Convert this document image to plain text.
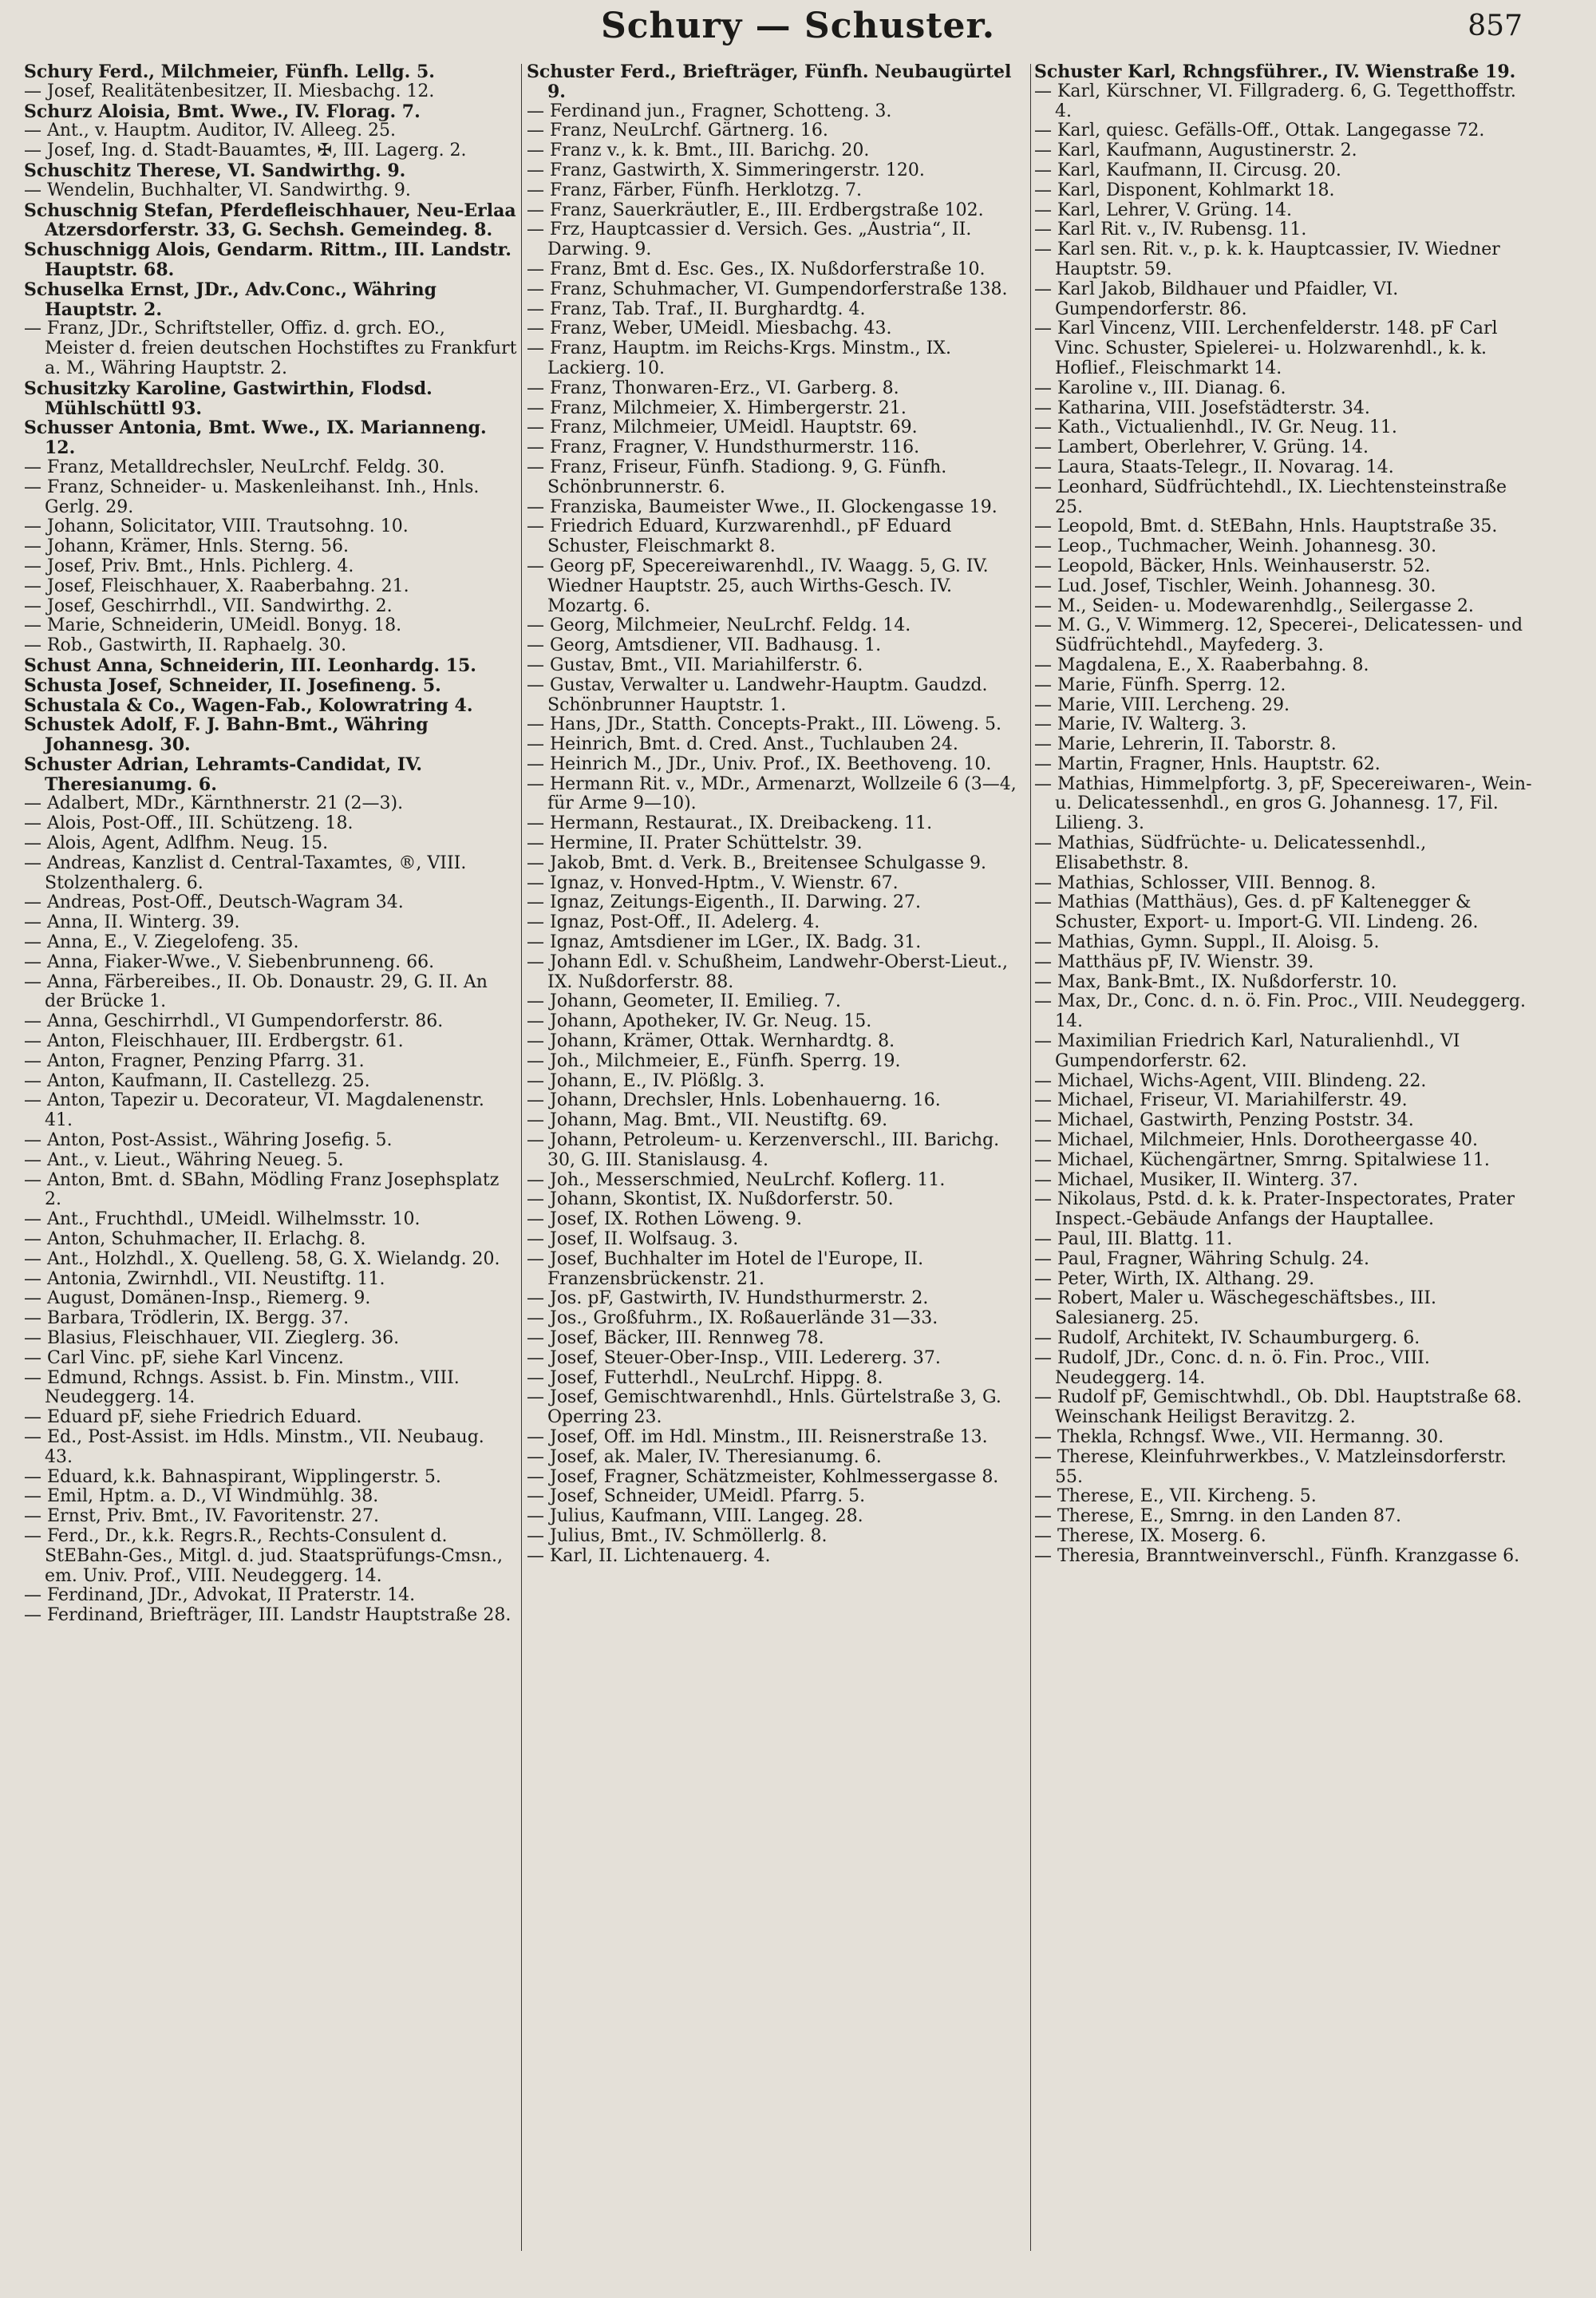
Schury — Schuster.	857
Schury Ferd., Milchmeier, Fünfh. Lellg. 5.
— Josef, Realitätenbesitzer, II. Miesbachg. 12.
Schurz Aloisia, Bmt. Wwe., IV. Florag. 7.
— Ant., v. Hauptm. Auditor, IV. Alleeg. 25.
— Josef, Ing. d. Stadt-Bauamtes, ✠, III. Lagerg. 2.
Schuschitz Therese, VI. Sandwirthg. 9.
— Wendelin, Buchhalter, VI. Sandwirthg. 9.
Schuschnig Stefan, Pferdefleischhauer, Neu-Erlaa Atzersdorferstr. 33, G. Sechsh. Gemeindeg. 8.
Schuschnigg Alois, Gendarm. Rittm., III. Landstr. Hauptstr. 68.
Schuselka Ernst, JDr., Adv.Conc., Währing Hauptstr. 2.
— Franz, JDr., Schriftsteller, Offiz. d. grch. EO., Meister d. freien deutschen Hochstiftes zu Frankfurt a. M., Währing Hauptstr. 2.
Schusitzky Karoline, Gastwirthin, Flodsd. Mühlschüttl 93.
Schusser Antonia, Bmt. Wwe., IX. Marianneng. 12.
— Franz, Metalldrechsler, NeuLrchf. Feldg. 30.
— Franz, Schneider- u. Maskenleihanst. Inh., Hnls. Gerlg. 29.
— Johann, Solicitator, VIII. Trautsohng. 10.
— Johann, Krämer, Hnls. Sterng. 56.
— Josef, Priv. Bmt., Hnls. Pichlerg. 4.
— Josef, Fleischhauer, X. Raaberbahng. 21.
— Josef, Geschirrhdl., VII. Sandwirthg. 2.
— Marie, Schneiderin, UMeidl. Bonyg. 18.
— Rob., Gastwirth, II. Raphaelg. 30.
Schust Anna, Schneiderin, III. Leonhardg. 15.
Schusta Josef, Schneider, II. Josefineng. 5.
Schustala & Co., Wagen-Fab., Kolowratring 4.
Schustek Adolf, F. J. Bahn-Bmt., Währing Johannesg. 30.
Schuster Adrian, Lehramts-Candidat, IV. Theresianumg. 6.
— Adalbert, MDr., Kärnthnerstr. 21 (2—3).
— Alois, Post-Off., III. Schützeng. 18.
— Alois, Agent, Adlfhm. Neug. 15.
— Andreas, Kanzlist d. Central-Taxamtes, ®, VIII. Stolzenthalerg. 6.
— Andreas, Post-Off., Deutsch-Wagram 34.
— Anna, II. Winterg. 39.
— Anna, E., V. Ziegelofeng. 35.
— Anna, Fiaker-Wwe., V. Siebenbrunneng. 66.
— Anna, Färbereibes., II. Ob. Donaustr. 29, G. II. An der Brücke 1.
— Anna, Geschirrhdl., VI Gumpendorferstr. 86.
— Anton, Fleischhauer, III. Erdbergstr. 61.
— Anton, Fragner, Penzing Pfarrg. 31.
— Anton, Kaufmann, II. Castellezg. 25.
— Anton, Tapezir u. Decorateur, VI. Magdalenenstr. 41.
— Anton, Post-Assist., Währing Josefig. 5.
— Ant., v. Lieut., Währing Neueg. 5.
— Anton, Bmt. d. SBahn, Mödling Franz Josephsplatz 2.
— Ant., Fruchthdl., UMeidl. Wilhelmsstr. 10.
— Anton, Schuhmacher, II. Erlachg. 8.
— Ant., Holzhdl., X. Quelleng. 58, G. X. Wielandg. 20.
— Antonia, Zwirnhdl., VII. Neustiftg. 11.
— August, Domänen-Insp., Riemerg. 9.
— Barbara, Trödlerin, IX. Bergg. 37.
— Blasius, Fleischhauer, VII. Zieglerg. 36.
— Carl Vinc. pF, siehe Karl Vincenz.
— Edmund, Rchngs. Assist. b. Fin. Minstm., VIII. Neudeggerg. 14.
— Eduard pF, siehe Friedrich Eduard.
— Ed., Post-Assist. im Hdls. Minstm., VII. Neubaug. 43.
— Eduard, k.k. Bahnaspirant, Wipplingerstr. 5.
— Emil, Hptm. a. D., VI Windmühlg. 38.
— Ernst, Priv. Bmt., IV. Favoritenstr. 27.
— Ferd., Dr., k.k. Regrs.R., Rechts-Consulent d. StEBahn-Ges., Mitgl. d. jud. Staatsprüfungs-Cmsn., em. Univ. Prof., VIII. Neudeggerg. 14.
— Ferdinand, JDr., Advokat, II Praterstr. 14.
— Ferdinand, Briefträger, III. Landstr Hauptstraße 28.
Schuster Ferd., Briefträger, Fünfh. Neubaugürtel 9.
— Ferdinand jun., Fragner, Schotteng. 3.
— Franz, NeuLrchf. Gärtnerg. 16.
— Franz v., k. k. Bmt., III. Barichg. 20.
— Franz, Gastwirth, X. Simmeringerstr. 120.
— Franz, Färber, Fünfh. Herklotzg. 7.
— Franz, Sauerkräutler, E., III. Erdbergstraße 102.
— Frz, Hauptcassier d. Versich. Ges. „Austria“, II. Darwing. 9.
— Franz, Bmt d. Esc. Ges., IX. Nußdorferstraße 10.
— Franz, Schuhmacher, VI. Gumpendorferstraße 138.
— Franz, Tab. Traf., II. Burghardtg. 4.
— Franz, Weber, UMeidl. Miesbachg. 43.
— Franz, Hauptm. im Reichs-Krgs. Minstm., IX. Lackierg. 10.
— Franz, Thonwaren-Erz., VI. Garberg. 8.
— Franz, Milchmeier, X. Himbergerstr. 21.
— Franz, Milchmeier, UMeidl. Hauptstr. 69.
— Franz, Fragner, V. Hundsthurmerstr. 116.
— Franz, Friseur, Fünfh. Stadiong. 9, G. Fünfh. Schönbrunnerstr. 6.
— Franziska, Baumeister Wwe., II. Glockengasse 19.
— Friedrich Eduard, Kurzwarenhdl., pF Eduard Schuster, Fleischmarkt 8.
— Georg pF, Specereiwarenhdl., IV. Waagg. 5, G. IV. Wiedner Hauptstr. 25, auch Wirths-Gesch. IV. Mozartg. 6.
— Georg, Milchmeier, NeuLrchf. Feldg. 14.
— Georg, Amtsdiener, VII. Badhausg. 1.
— Gustav, Bmt., VII. Mariahilferstr. 6.
— Gustav, Verwalter u. Landwehr-Hauptm. Gaudzd. Schönbrunner Hauptstr. 1.
— Hans, JDr., Statth. Concepts-Prakt., III. Löweng. 5.
— Heinrich, Bmt. d. Cred. Anst., Tuchlauben 24.
— Heinrich M., JDr., Univ. Prof., IX. Beethoveng. 10.
— Hermann Rit. v., MDr., Armenarzt, Wollzeile 6 (3—4, für Arme 9—10).
— Hermann, Restaurat., IX. Dreibackeng. 11.
— Hermine, II. Prater Schüttelstr. 39.
— Jakob, Bmt. d. Verk. B., Breitensee Schulgasse 9.
— Ignaz, v. Honved-Hptm., V. Wienstr. 67.
— Ignaz, Zeitungs-Eigenth., II. Darwing. 27.
— Ignaz, Post-Off., II. Adelerg. 4.
— Ignaz, Amtsdiener im LGer., IX. Badg. 31.
— Johann Edl. v. Schußheim, Landwehr-Oberst-Lieut., IX. Nußdorferstr. 88.
— Johann, Geometer, II. Emilieg. 7.
— Johann, Apotheker, IV. Gr. Neug. 15.
— Johann, Krämer, Ottak. Wernhardtg. 8.
— Joh., Milchmeier, E., Fünfh. Sperrg. 19.
— Johann, E., IV. Plößlg. 3.
— Johann, Drechsler, Hnls. Lobenhauerng. 16.
— Johann, Mag. Bmt., VII. Neustiftg. 69.
— Johann, Petroleum- u. Kerzenverschl., III. Barichg. 30, G. III. Stanislausg. 4.
— Joh., Messerschmied, NeuLrchf. Koflerg. 11.
— Johann, Skontist, IX. Nußdorferstr. 50.
— Josef, IX. Rothen Löweng. 9.
— Josef, II. Wolfsaug. 3.
— Josef, Buchhalter im Hotel de l'Europe, II. Franzensbrückenstr. 21.
— Jos. pF, Gastwirth, IV. Hundsthurmerstr. 2.
— Jos., Großfuhrm., IX. Roßauerlände 31—33.
— Josef, Bäcker, III. Rennweg 78.
— Josef, Steuer-Ober-Insp., VIII. Ledererg. 37.
— Josef, Futterhdl., NeuLrchf. Hippg. 8.
— Josef, Gemischtwarenhdl., Hnls. Gürtelstraße 3, G. Operring 23.
— Josef, Off. im Hdl. Minstm., III. Reisnerstraße 13.
— Josef, ak. Maler, IV. Theresianumg. 6.
— Josef, Fragner, Schätzmeister, Kohlmessergasse 8.
— Josef, Schneider, UMeidl. Pfarrg. 5.
— Julius, Kaufmann, VIII. Langeg. 28.
— Julius, Bmt., IV. Schmöllerlg. 8.
— Karl, II. Lichtenauerg. 4.
Schuster Karl, Rchngsführer., IV. Wienstraße 19.
— Karl, Kürschner, VI. Fillgraderg. 6, G. Tegetthoffstr. 4.
— Karl, quiesc. Gefälls-Off., Ottak. Langegasse 72.
— Karl, Kaufmann, Augustinerstr. 2.
— Karl, Kaufmann, II. Circusg. 20.
— Karl, Disponent, Kohlmarkt 18.
— Karl, Lehrer, V. Grüng. 14.
— Karl Rit. v., IV. Rubensg. 11.
— Karl sen. Rit. v., p. k. k. Hauptcassier, IV. Wiedner Hauptstr. 59.
— Karl Jakob, Bildhauer und Pfaidler, VI. Gumpendorferstr. 86.
— Karl Vincenz, VIII. Lerchenfelderstr. 148. pF Carl Vinc. Schuster, Spielerei- u. Holzwarenhdl., k. k. Hoflief., Fleischmarkt 14.
— Karoline v., III. Dianag. 6.
— Katharina, VIII. Josefstädterstr. 34.
— Kath., Victualienhdl., IV. Gr. Neug. 11.
— Lambert, Oberlehrer, V. Grüng. 14.
— Laura, Staats-Telegr., II. Novarag. 14.
— Leonhard, Südfrüchtehdl., IX. Liechtensteinstraße 25.
— Leopold, Bmt. d. StEBahn, Hnls. Hauptstraße 35.
— Leop., Tuchmacher, Weinh. Johannesg. 30.
— Leopold, Bäcker, Hnls. Weinhauserstr. 52.
— Lud. Josef, Tischler, Weinh. Johannesg. 30.
— M., Seiden- u. Modewarenhdlg., Seilergasse 2.
— M. G., V. Wimmerg. 12, Specerei-, Delicatessen- und Südfrüchtehdl., Mayfederg. 3.
— Magdalena, E., X. Raaberbahng. 8.
— Marie, Fünfh. Sperrg. 12.
— Marie, VIII. Lercheng. 29.
— Marie, IV. Walterg. 3.
— Marie, Lehrerin, II. Taborstr. 8.
— Martin, Fragner, Hnls. Hauptstr. 62.
— Mathias, Himmelpfortg. 3, pF, Specereiwaren-, Wein- u. Delicatessenhdl., en gros G. Johannesg. 17, Fil. Lilieng. 3.
— Mathias, Südfrüchte- u. Delicatessenhdl., Elisabethstr. 8.
— Mathias, Schlosser, VIII. Bennog. 8.
— Mathias (Matthäus), Ges. d. pF Kaltenegger & Schuster, Export- u. Import-G. VII. Lindeng. 26.
— Mathias, Gymn. Suppl., II. Aloisg. 5.
— Matthäus pF, IV. Wienstr. 39.
— Max, Bank-Bmt., IX. Nußdorferstr. 10.
— Max, Dr., Conc. d. n. ö. Fin. Proc., VIII. Neudeggerg. 14.
— Maximilian Friedrich Karl, Naturalienhdl., VI Gumpendorferstr. 62.
— Michael, Wichs-Agent, VIII. Blindeng. 22.
— Michael, Friseur, VI. Mariahilferstr. 49.
— Michael, Gastwirth, Penzing Poststr. 34.
— Michael, Milchmeier, Hnls. Dorotheergasse 40.
— Michael, Küchengärtner, Smrng. Spitalwiese 11.
— Michael, Musiker, II. Winterg. 37.
— Nikolaus, Pstd. d. k. k. Prater-Inspectorates, Prater Inspect.-Gebäude Anfangs der Hauptallee.
— Paul, III. Blattg. 11.
— Paul, Fragner, Währing Schulg. 24.
— Peter, Wirth, IX. Althang. 29.
— Robert, Maler u. Wäschegeschäftsbes., III. Salesianerg. 25.
— Rudolf, Architekt, IV. Schaumburgerg. 6.
— Rudolf, JDr., Conc. d. n. ö. Fin. Proc., VIII. Neudeggerg. 14.
— Rudolf pF, Gemischtwhdl., Ob. Dbl. Hauptstraße 68. Weinschank Heiligst Beravitzg. 2.
— Thekla, Rchngsf. Wwe., VII. Hermanng. 30.
— Therese, Kleinfuhrwerkbes., V. Matzleinsdorferstr. 55.
— Therese, E., VII. Kircheng. 5.
— Therese, E., Smrng. in den Landen 87.
— Therese, IX. Moserg. 6.
— Theresia, Branntweinverschl., Fünfh. Kranzgasse 6.
